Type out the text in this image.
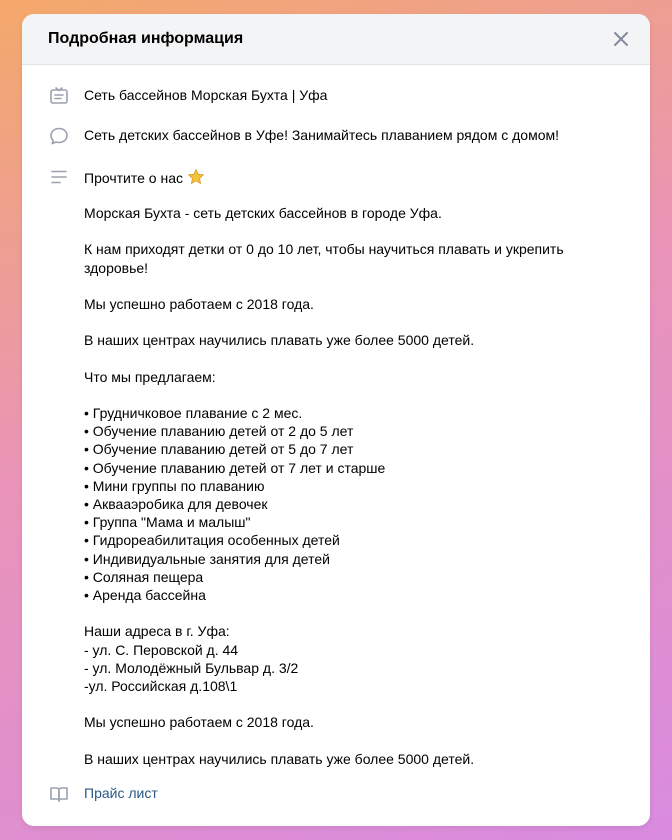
Подробная информация
Сеть бассейнов Морская Бухта | Уфа
Сеть детских бассейнов в Уфе! Занимайтесь плаванием рядом с домом!
Прочтите о нас
Морская Бухта - сеть детских бассейнов в городе Уфа.
К нам приходят детки от 0 до 10 лет, чтобы научиться плавать и укрепить
здоровье!
Мы успешно работаем с 2018 года.
В наших центрах научились плавать уже более 5000 детей.
Что мы предлагаем:
• Грудничковое плавание с 2 мес.
• Обучение плаванию детей от 2 до 5 лет
• Обучение плаванию детей от 5 до 7 лет
• Обучение плаванию детей от 7 лет и старше
• Мини группы по плаванию
• Аквааэробика для девочек
• Группа "Мама и малыш"
• Гидрореабилитация особенных детей
• Индивидуальные занятия для детей
• Соляная пещера
• Аренда бассейна
Наши адреса в г. Уфа:
- ул. С. Перовской д. 44
- ул. Молодёжный Бульвар д. 3/2
-ул. Российская д.108\1
Мы успешно работаем с 2018 года.
В наших центрах научились плавать уже более 5000 детей.
Прайс лист
